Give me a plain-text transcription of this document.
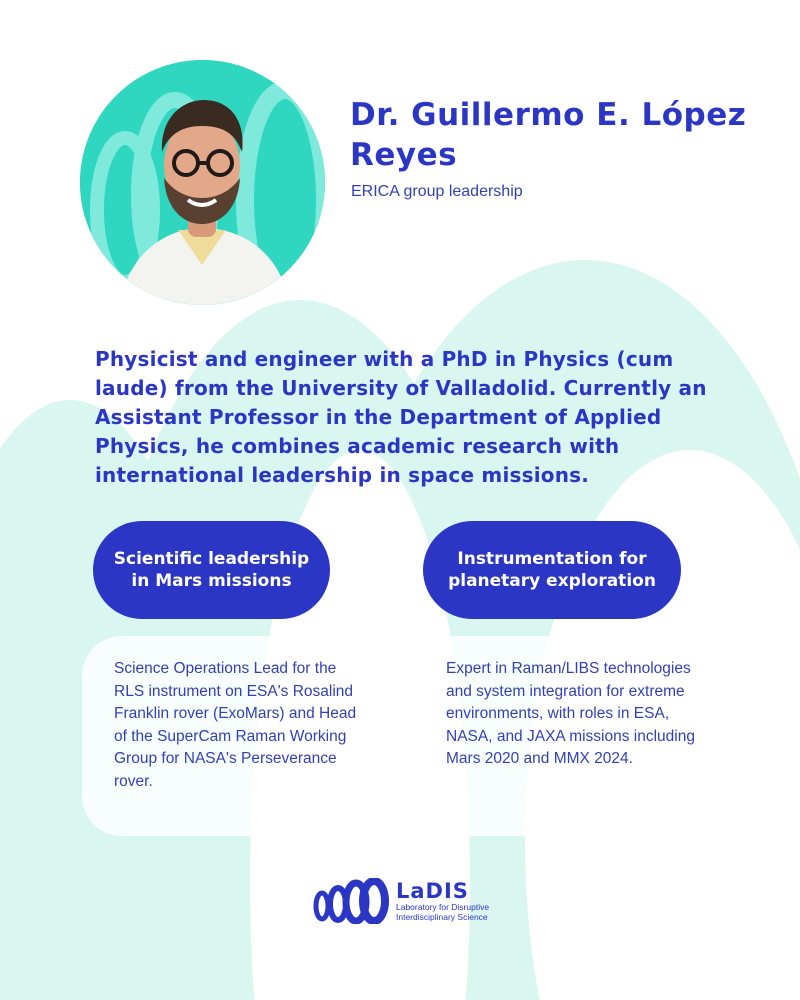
Dr. Guillermo E. López Reyes
ERICA group leadership

Physicist and engineer with a PhD in Physics (cum laude) from the University of Valladolid. Currently an Assistant Professor in the Department of Applied Physics, he combines academic research with international leadership in space missions.

Scientific leadership in Mars missions
Instrumentation for planetary exploration
Science Operations Lead for the RLS instrument on ESA's Rosalind Franklin rover (ExoMars) and Head of the SuperCam Raman Working Group for NASA's Perseverance rover.
Expert in Raman/LIBS technologies and system integration for extreme environments, with roles in ESA, NASA, and JAXA missions including Mars 2020 and MMX 2024.
LaDIS
Laboratory for Disruptive
Interdisciplinary Science
